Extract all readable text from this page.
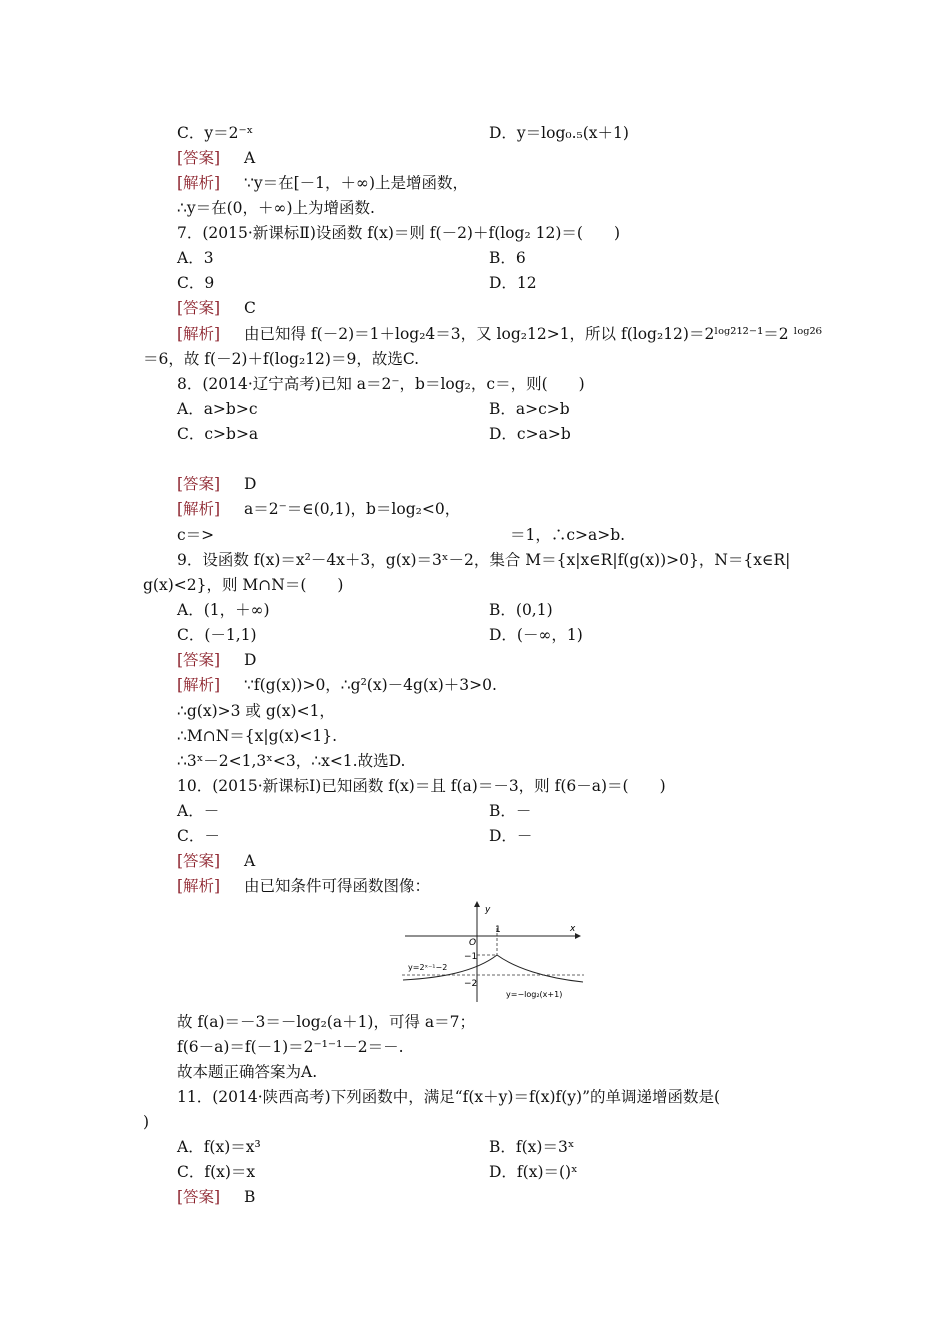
C．y＝2⁻ˣ	D．y＝log₀.₅(x＋1)
[答案] A
[解析] ∵y＝在[－1，＋∞)上是增函数，
∴y＝在(0，＋∞)上为增函数.
7．(2015·新课标Ⅱ)设函数 f(x)＝则 f(－2)＋f(log₂ 12)＝(　　)
A．3	B．6
C．9	D．12
[答案] C
[解析] 由已知得 f(－2)＝1＋log₂4＝3，又 log₂12>1，所以 f(log₂12)＝2ˡᵒᵍ²¹²⁻¹＝2 ˡᵒᵍ²⁶
＝6，故 f(－2)＋f(log₂12)＝9，故选C.
8．(2014·辽宁高考)已知 a＝2⁻，b＝log₂，c＝，则(　　)
A．a>b>c	B．a>c>b
C．c>b>a	D．c>a>b
[答案] D
[解析] a＝2⁻＝∈(0,1)，b＝log₂<0，
c＝>	＝1，∴c>a>b.
9．设函数 f(x)＝x²－4x＋3，g(x)＝3ˣ－2，集合 M＝{x|x∈R|f(g(x))>0}，N＝{x∈R|
g(x)<2}，则 M∩N＝(　　)
A．(1，＋∞)	B．(0,1)
C．(－1,1)	D．(－∞，1)
[答案] D
[解析] ∵f(g(x))>0，∴g²(x)－4g(x)＋3>0.
∴g(x)>3 或 g(x)<1，
∴M∩N＝{x|g(x)<1}.
∴3ˣ－2<1,3ˣ<3，∴x<1.故选D.
10．(2015·新课标Ⅰ)已知函数 f(x)＝且 f(a)＝－3，则 f(6－a)＝(　　)
A．－	B．－
C．－	D．－
[答案] A
[解析] 由已知条件可得函数图像：
y
x
O
1
−1
−2
y=2ˣ⁻¹−2
y=−log₂(x+1)
故 f(a)＝－3＝－log₂(a＋1)，可得 a＝7；
f(6－a)＝f(－1)＝2⁻¹⁻¹－2＝－.
故本题正确答案为A.
11．(2014·陕西高考)下列函数中，满足“f(x＋y)＝f(x)f(y)”的单调递增函数是(
)
A．f(x)＝x³	B．f(x)＝3ˣ
C．f(x)＝x	D．f(x)＝()ˣ
[答案] B
